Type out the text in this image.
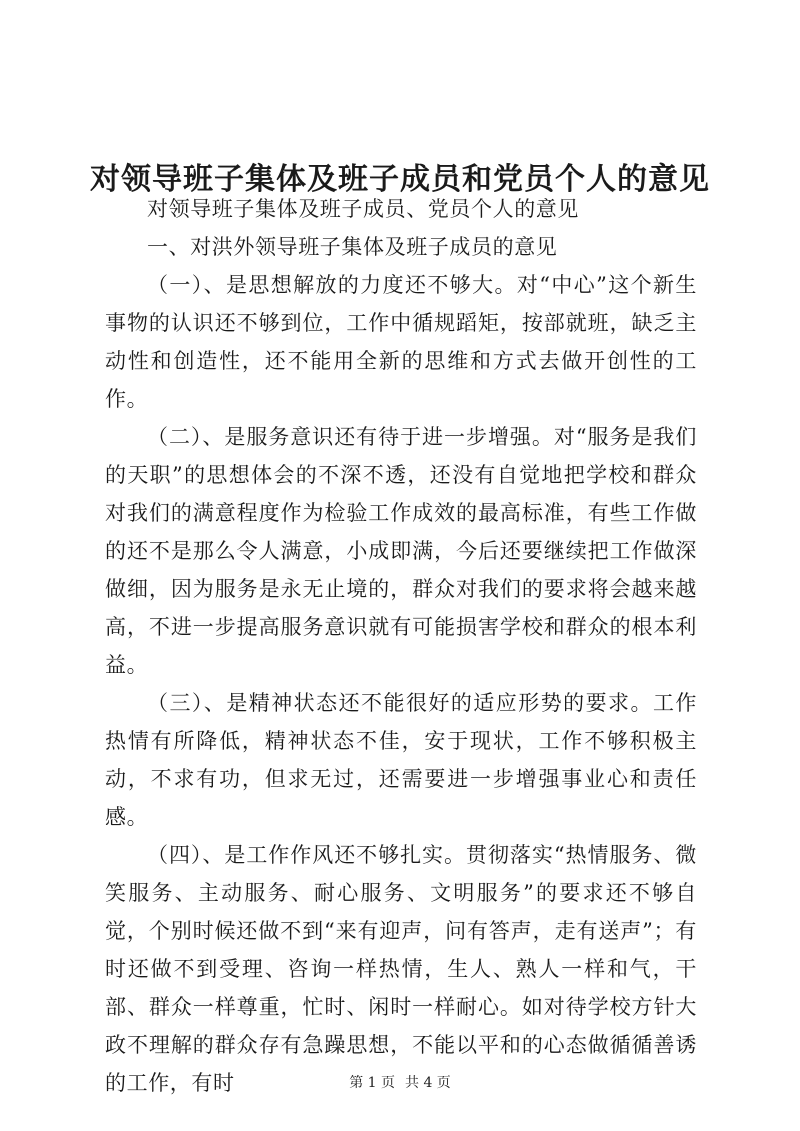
对领导班子集体及班子成员和党员个人的意见

对领导班子集体及班子成员、党员个人的意见

一、对洪外领导班子集体及班子成员的意见

（一）、是思想解放的力度还不够大。对“中心”这个新生事物的认识还不够到位，工作中循规蹈矩，按部就班，缺乏主动性和创造性，还不能用全新的思维和方式去做开创性的工作。

（二）、是服务意识还有待于进一步增强。对“服务是我们的天职”的思想体会的不深不透，还没有自觉地把学校和群众对我们的满意程度作为检验工作成效的最高标准，有些工作做的还不是那么令人满意，小成即满，今后还要继续把工作做深做细，因为服务是永无止境的，群众对我们的要求将会越来越高，不进一步提高服务意识就有可能损害学校和群众的根本利益。

（三）、是精神状态还不能很好的适应形势的要求。工作热情有所降低，精神状态不佳，安于现状，工作不够积极主动，不求有功，但求无过，还需要进一步增强事业心和责任感。

（四）、是工作作风还不够扎实。贯彻落实“热情服务、微笑服务、主动服务、耐心服务、文明服务”的要求还不够自觉，个别时候还做不到“来有迎声，问有答声，走有送声”；有时还做不到受理、咨询一样热情，生人、熟人一样和气，干部、群众一样尊重，忙时、闲时一样耐心。如对待学校方针大政不理解的群众存有急躁思想，不能以平和的心态做循循善诱的工作，有时	第 1 页 共 4 页
